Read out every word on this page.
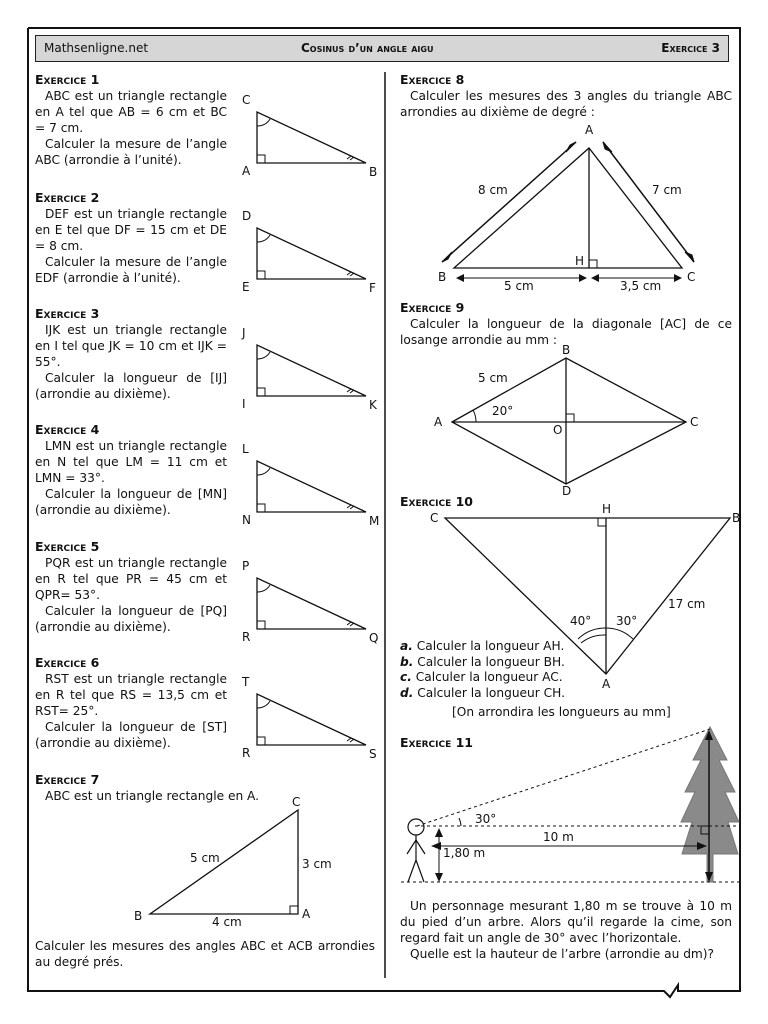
Mathsenligne.net	Cosinus d’un angle aigu	Exercice 3
Exercice 1

ABC est un triangle rectangle en A tel que AB = 6 cm et BC = 7 cm.

Calculer la mesure de l’angle ABC (arrondie à l’unité).

Exercice 2

DEF est un triangle rectangle en E tel que DF = 15 cm et DE = 8 cm.

Calculer la mesure de l’angle EDF (arrondie à l’unité).

Exercice 3

IJK est un triangle rectangle en I tel que JK = 10 cm et IJK = 55°.

Calculer la longueur de [IJ] (arrondie au dixième).

Exercice 4

LMN est un triangle rectangle en N tel que LM = 11 cm et LMN = 33°.

Calculer la longueur de [MN] (arrondie au dixième).

Exercice 5

PQR est un triangle rectangle en R tel que PR = 45 cm et QPR= 53°.

Calculer la longueur de [PQ] (arrondie au dixième).

Exercice 6

RST est un triangle rectangle en R tel que RS = 13,5 cm et RST= 25°.

Calculer la longueur de [ST] (arrondie au dixième).

C
A	B
D
E	F
J
I	K
L
N	M
P
R	Q
T
R	S
Exercice 7

ABC est un triangle rectangle en A.	C
B	A
5 cm	3 cm
4 cm

Calculer les mesures des angles ABC et ACB arrondies au degré prés.

Exercice 8

Calculer les mesures des 3 angles du triangle ABC arrondies au dixième de degré :

A
B	C
H
8 cm	7 cm
5 cm	3,5 cm
Exercice 9

Calculer la longueur de la diagonale [AC] de ce losange arrondie au mm :

A
B
C
D
O
5 cm
20°
Exercice 10
C
H
B
A
40° 30°
17 cm

a. Calculer la longueur AH.

b. Calculer la longueur BH.

c. Calculer la longueur AC.

d. Calculer la longueur CH.

[On arrondira les longueurs au mm]
Exercice 11
30°
10 m
1,80 m

Un personnage mesurant 1,80 m se trouve à 10 m du pied d’un arbre. Alors qu’il regarde la cime, son regard fait un angle de 30° avec l’horizontale.

Quelle est la hauteur de l’arbre (arrondie au dm)?
